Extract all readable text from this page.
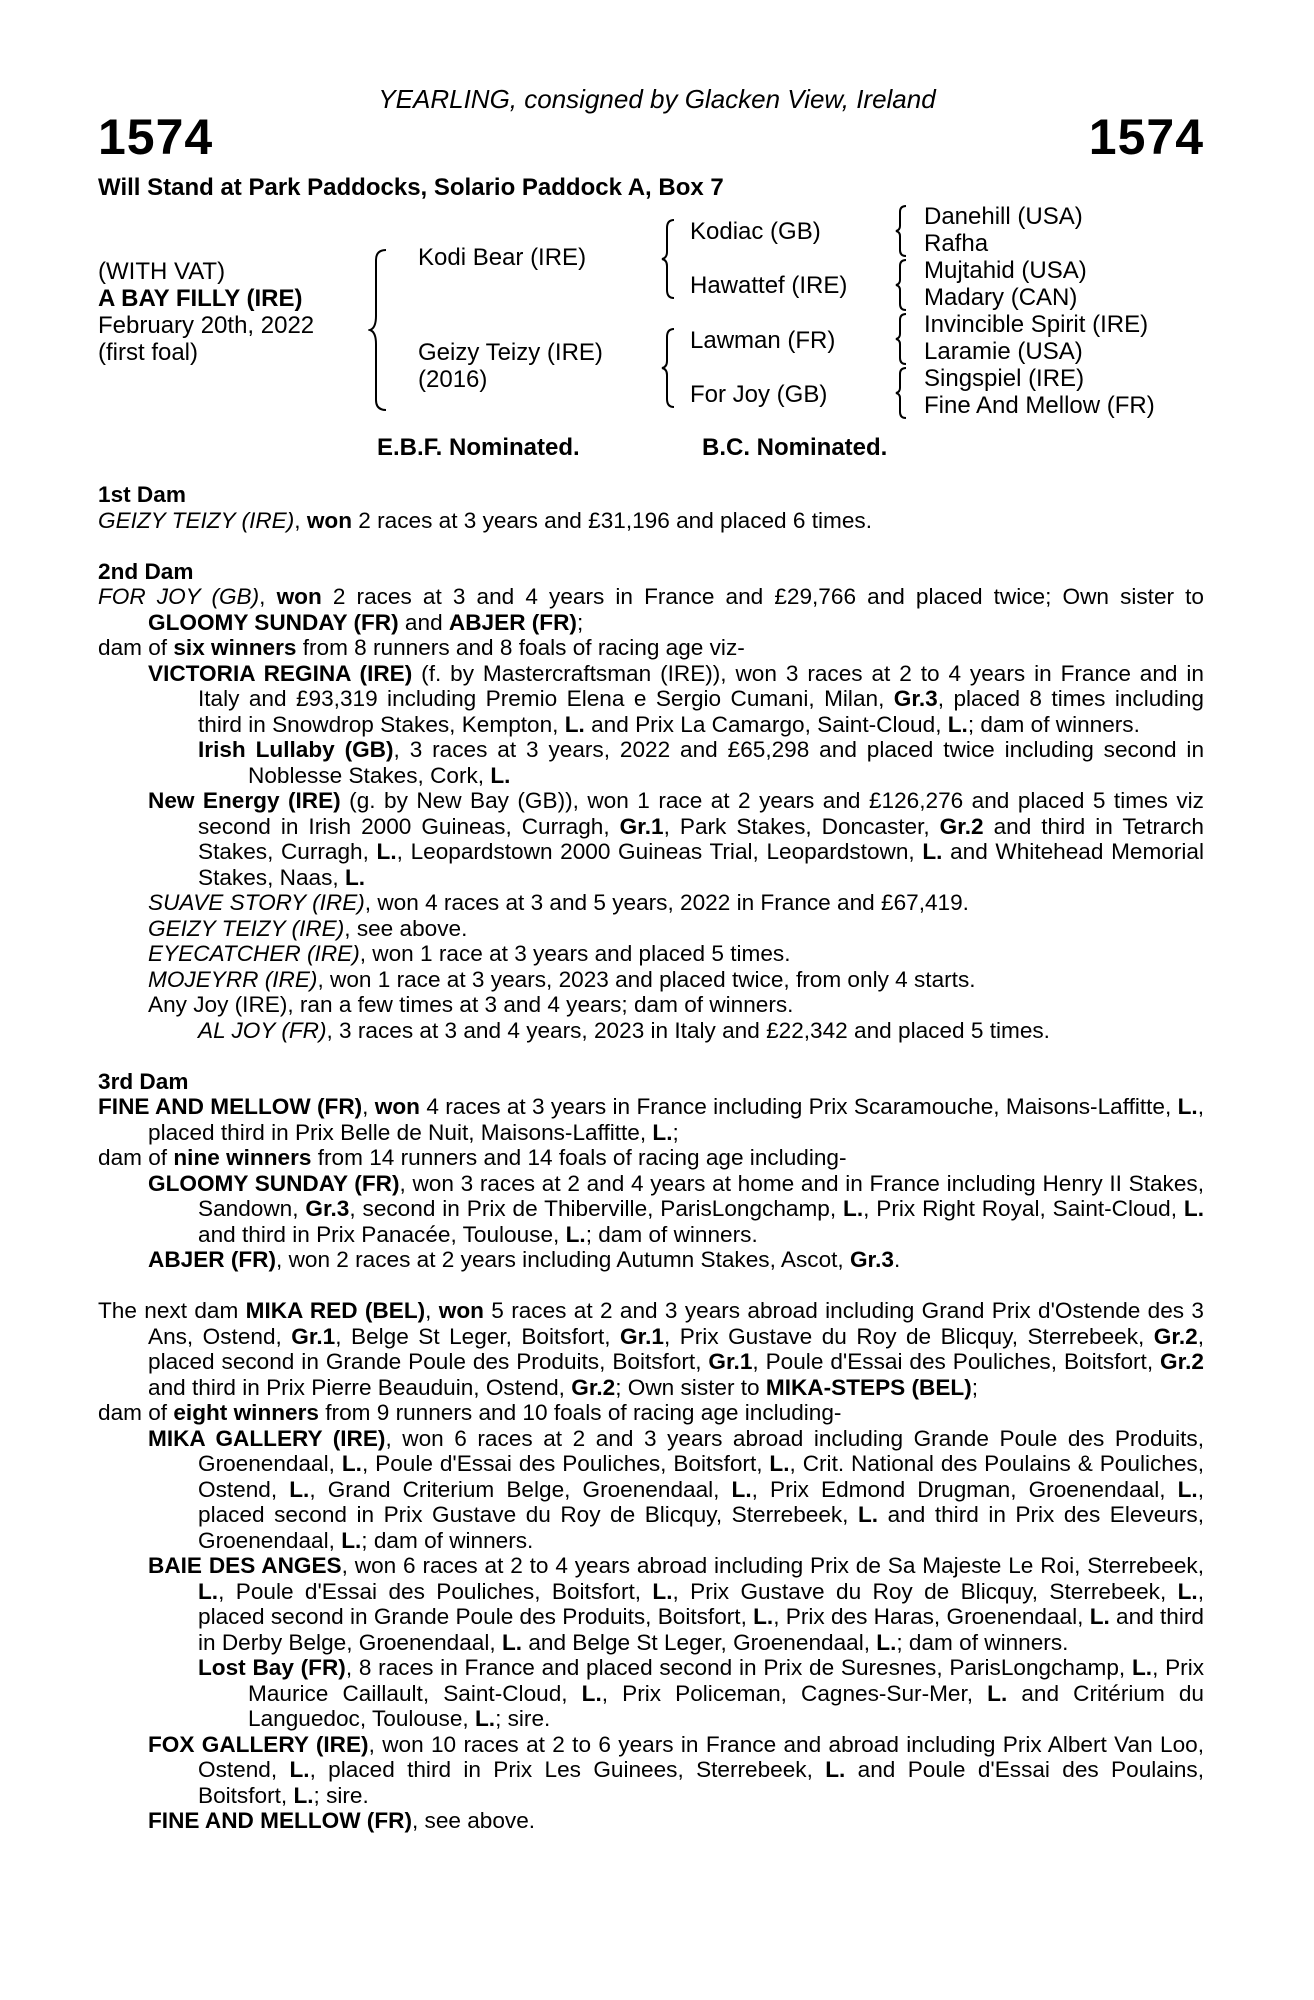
YEARLING, consigned by Glacken View, Ireland
1574	1574
Will Stand at Park Paddocks, Solario Paddock A, Box 7
(WITH VAT)
A BAY FILLY (IRE)
February 20th, 2022
(first foal)
Kodi Bear (IRE)
Geizy Teizy (IRE)
(2016)
Kodiac (GB)
Hawattef (IRE)
Lawman (FR)
For Joy (GB)
Danehill (USA)
Rafha
Mujtahid (USA)
Madary (CAN)
Invincible Spirit (IRE)
Laramie (USA)
Singspiel (IRE)
Fine And Mellow (FR)
E.B.F. Nominated.	B.C. Nominated.
1st Dam
GEIZY TEIZY (IRE), won 2 races at 3 years and £31,196 and placed 6 times.
2nd Dam
FOR JOY (GB), won 2 races at 3 and 4 years in France and £29,766 and placed twice; Own sister to GLOOMY SUNDAY (FR) and ABJER (FR);
dam of six winners from 8 runners and 8 foals of racing age viz-
VICTORIA REGINA (IRE) (f. by Mastercraftsman (IRE)), won 3 races at 2 to 4 years in France and in Italy and £93,319 including Premio Elena e Sergio Cumani, Milan, Gr.3, placed 8 times including third in Snowdrop Stakes, Kempton, L. and Prix La Camargo, Saint-Cloud, L.; dam of winners.
Irish Lullaby (GB), 3 races at 3 years, 2022 and £65,298 and placed twice including second in Noblesse Stakes, Cork, L.
New Energy (IRE) (g. by New Bay (GB)), won 1 race at 2 years and £126,276 and placed 5 times viz second in Irish 2000 Guineas, Curragh, Gr.1, Park Stakes, Doncaster, Gr.2 and third in Tetrarch Stakes, Curragh, L., Leopardstown 2000 Guineas Trial, Leopardstown, L. and Whitehead Memorial Stakes, Naas, L.
SUAVE STORY (IRE), won 4 races at 3 and 5 years, 2022 in France and £67,419.
GEIZY TEIZY (IRE), see above.
EYECATCHER (IRE), won 1 race at 3 years and placed 5 times.
MOJEYRR (IRE), won 1 race at 3 years, 2023 and placed twice, from only 4 starts.
Any Joy (IRE), ran a few times at 3 and 4 years; dam of winners.
AL JOY (FR), 3 races at 3 and 4 years, 2023 in Italy and £22,342 and placed 5 times.
3rd Dam
FINE AND MELLOW (FR), won 4 races at 3 years in France including Prix Scaramouche, Maisons-Laffitte, L., placed third in Prix Belle de Nuit, Maisons-Laffitte, L.;
dam of nine winners from 14 runners and 14 foals of racing age including-
GLOOMY SUNDAY (FR), won 3 races at 2 and 4 years at home and in France including Henry II Stakes, Sandown, Gr.3, second in Prix de Thiberville, ParisLongchamp, L., Prix Right Royal, Saint-Cloud, L. and third in Prix Panacée, Toulouse, L.; dam of winners.
ABJER (FR), won 2 races at 2 years including Autumn Stakes, Ascot, Gr.3.
The next dam MIKA RED (BEL), won 5 races at 2 and 3 years abroad including Grand Prix d'Ostende des 3 Ans, Ostend, Gr.1, Belge St Leger, Boitsfort, Gr.1, Prix Gustave du Roy de Blicquy, Sterrebeek, Gr.2, placed second in Grande Poule des Produits, Boitsfort, Gr.1, Poule d'Essai des Pouliches, Boitsfort, Gr.2 and third in Prix Pierre Beauduin, Ostend, Gr.2; Own sister to MIKA-STEPS (BEL);
dam of eight winners from 9 runners and 10 foals of racing age including-
MIKA GALLERY (IRE), won 6 races at 2 and 3 years abroad including Grande Poule des Produits, Groenendaal, L., Poule d'Essai des Pouliches, Boitsfort, L., Crit. National des Poulains & Pouliches, Ostend, L., Grand Criterium Belge, Groenendaal, L., Prix Edmond Drugman, Groenendaal, L., placed second in Prix Gustave du Roy de Blicquy, Sterrebeek, L. and third in Prix des Eleveurs, Groenendaal, L.; dam of winners.
BAIE DES ANGES, won 6 races at 2 to 4 years abroad including Prix de Sa Majeste Le Roi, Sterrebeek, L., Poule d'Essai des Pouliches, Boitsfort, L., Prix Gustave du Roy de Blicquy, Sterrebeek, L., placed second in Grande Poule des Produits, Boitsfort, L., Prix des Haras, Groenendaal, L. and third in Derby Belge, Groenendaal, L. and Belge St Leger, Groenendaal, L.; dam of winners.
Lost Bay (FR), 8 races in France and placed second in Prix de Suresnes, ParisLongchamp, L., Prix Maurice Caillault, Saint-Cloud, L., Prix Policeman, Cagnes-Sur-Mer, L. and Critérium du Languedoc, Toulouse, L.; sire.
FOX GALLERY (IRE), won 10 races at 2 to 6 years in France and abroad including Prix Albert Van Loo, Ostend, L., placed third in Prix Les Guinees, Sterrebeek, L. and Poule d'Essai des Poulains, Boitsfort, L.; sire.
FINE AND MELLOW (FR), see above.
